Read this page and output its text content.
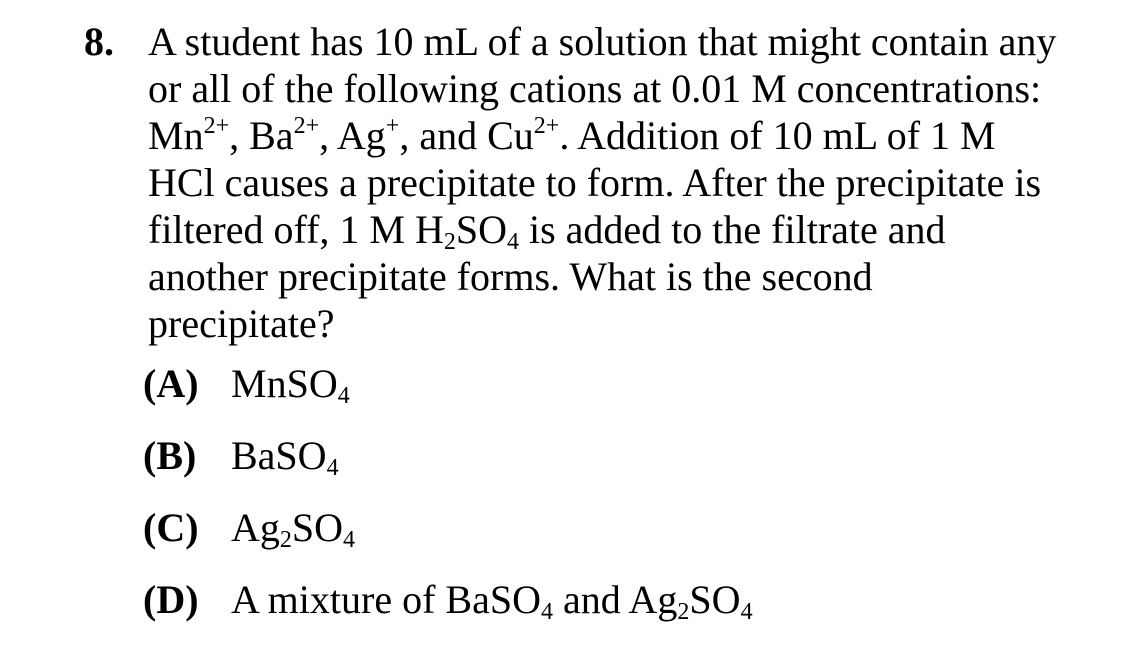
8. A student has 10 mL of a solution that might contain any
or all of the following cations at 0.01 M concentrations:
$Mn^{2+}$, $Ba^{2+}$, Ag+, and $Cu^{2+}$. Addition of 10 mL of 1 M
HCl causes a precipitate to form. After the precipitate is
filtered off, 1 M $H_2SO_4$ is added to the filtrate and
another precipitate forms. What is the second
precipitate?
(A) MnSO$_4$
(B) BaSO$_4$
(C) $Ag_2SO_4$
(D) A mixture of BaSO$_4$ and $Ag_2SO_4$
